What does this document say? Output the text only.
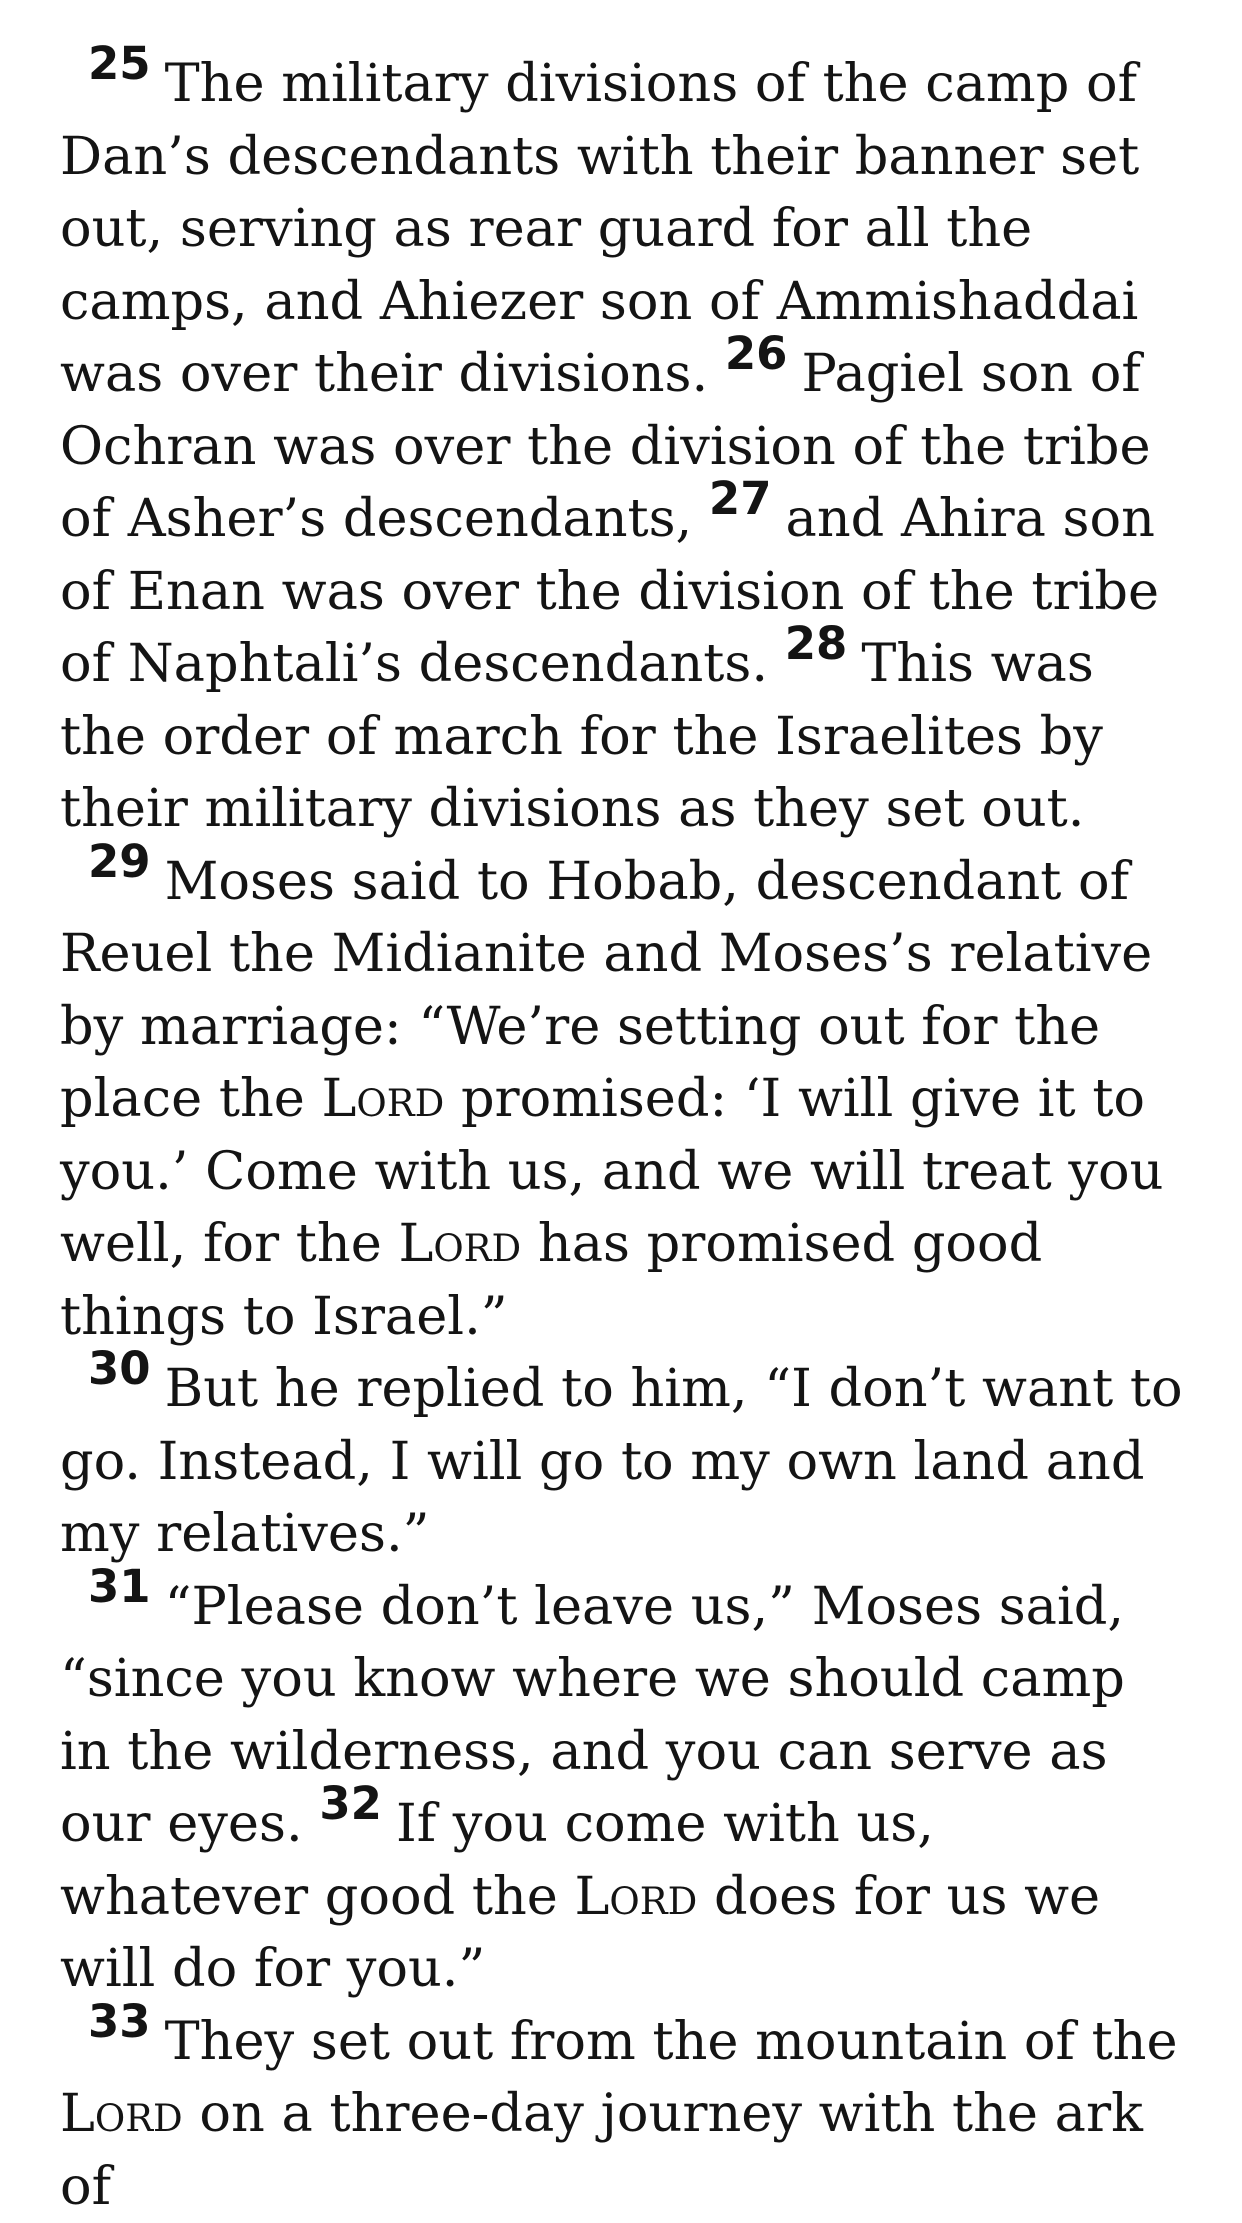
25 The military divisions of the camp of Dan’s descendants with their banner set out, serving as rear guard for all the camps, and Ahiezer son of Ammishaddai was over their divisions. 26 Pagiel son of Ochran was over the division of the tribe of Asher’s descendants, 27 and Ahira son of Enan was over the division of the tribe of Naphtali’s descendants. 28 This was the order of march for the Israelites by their military divisions as they set out.

29 Moses said to Hobab, descendant of Reuel the Midianite and Moses’s relative by marriage: “We’re setting out for the place the Lord promised: ‘I will give it to you.’ Come with us, and we will treat you well, for the Lord has promised good things to Israel.”

30 But he replied to him, “I don’t want to go. Instead, I will go to my own land and my relatives.”

31 “Please don’t leave us,” Moses said, “since you know where we should camp in the wilderness, and you can serve as our eyes. 32 If you come with us, whatever good the Lord does for us we will do for you.”

33 They set out from the mountain of the Lord on a three-day journey with the ark of
